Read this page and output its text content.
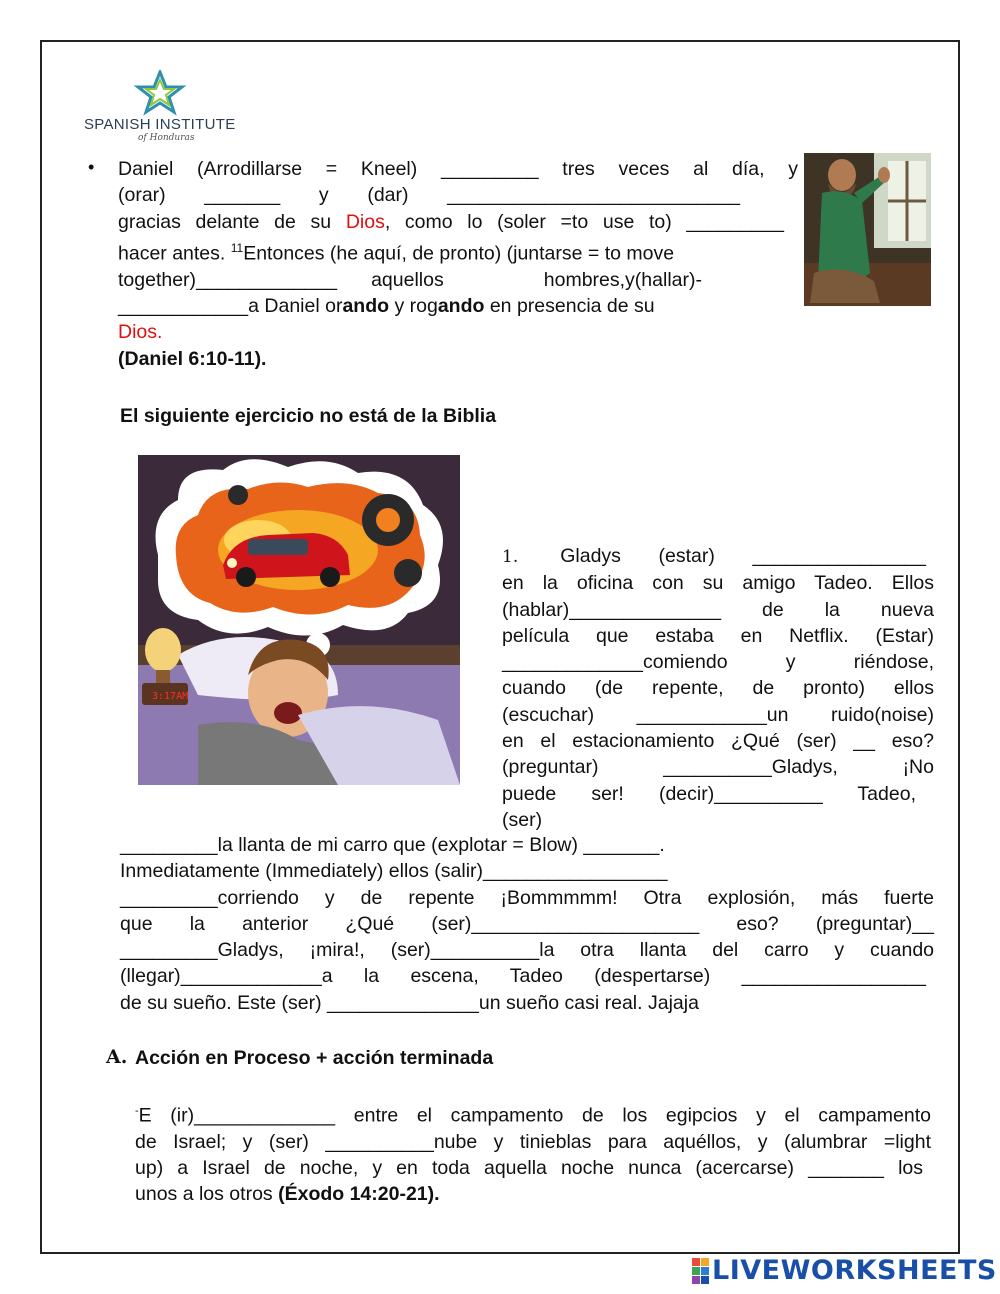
SPANISH INSTITUTE
of Honduras
• Daniel (Arrodillarse = Kneel) _________ tres veces al día, y
(orar) _______ y (dar) ___________________________
gracias delante de su Dios, como lo (soler =to use to) _________
hacer antes. $^{11}$Entonces (he aquí, de pronto) (juntarse = to move
together)_____________ aquellos hombres,y(hallar)-
____________a Daniel orando y rogando en presencia de su
Dios.
(Daniel 6:10-11).
El siguiente ejercicio no está de la Biblia
3:17AM
1. Gladys (estar) ________________
en la oficina con su amigo Tadeo. Ellos
(hablar)______________ de la nueva
película que estaba en Netflix. (Estar)
_____________comiendo y riéndose,
cuando (de repente, de pronto) ellos
(escuchar) ____________un ruido(noise)
en el estacionamiento ¿Qué (ser) __ eso?
(preguntar) __________Gladys, ¡No
puede ser! (decir)__________ Tadeo,
(ser)
_________la llanta de mi carro que (explotar = Blow) _______.
Inmediatamente (Immediately) ellos (salir)_________________
_________corriendo y de repente ¡Bommmmm! Otra explosión, más fuerte
que la anterior ¿Qué (ser)_____________________ eso? (preguntar)__
_________Gladys, ¡mira!, (ser)__________la otra llanta del carro y cuando
(llegar)_____________a la escena, Tadeo (despertarse) _________________
de su sueño. Este (ser) ______________un sueño casi real. Jajaja
A. Acción en Proceso + acción terminada
-E (ir)_____________ entre el campamento de los egipcios y el campamento
de Israel; y (ser) __________nube y tinieblas para aquéllos, y (alumbrar =light
up) a Israel de noche, y en toda aquella noche nunca (acercarse) _______ los
unos a los otros (Éxodo 14:20-21).
LIVEWORKSHEETS
